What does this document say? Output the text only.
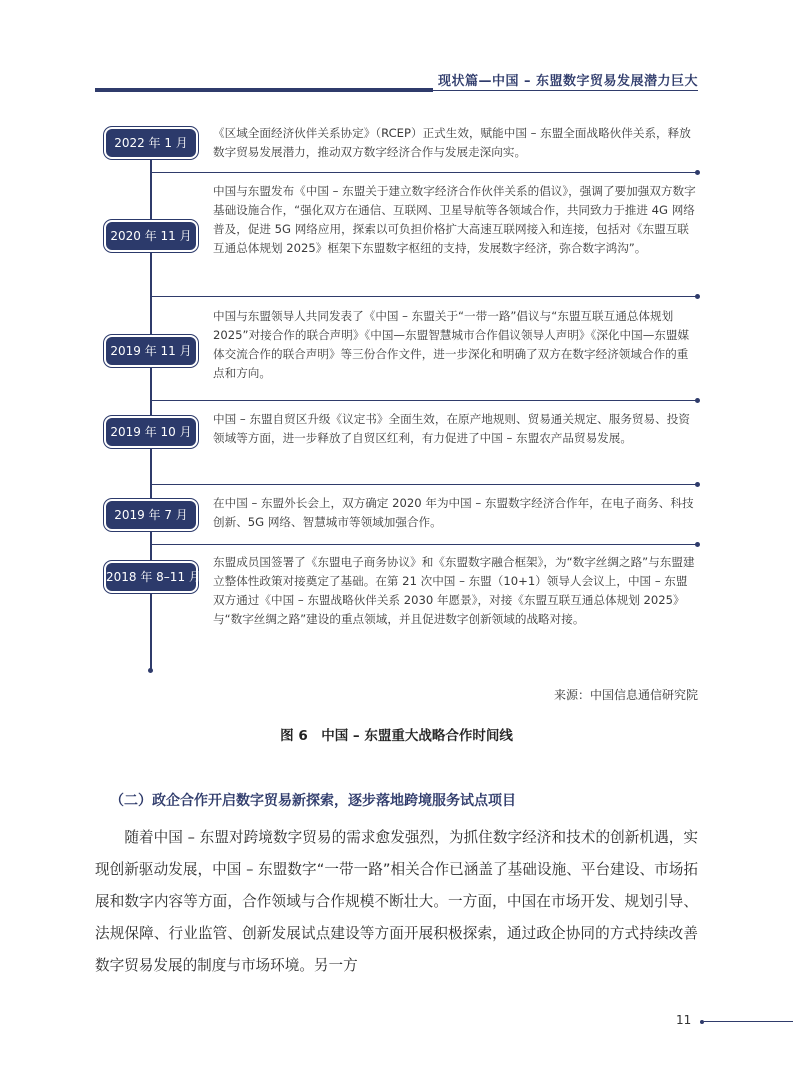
现状篇—中国 – 东盟数字贸易发展潜力巨大
2022 年 1 月
《区域全面经济伙伴关系协定》（RCEP）正式生效，赋能中国 – 东盟全面战略伙伴关系，释放数字贸易发展潜力，推动双方数字经济合作与发展走深向实。
2020 年 11 月
中国与东盟发布《中国 – 东盟关于建立数字经济合作伙伴关系的倡议》，强调了要加强双方数字基础设施合作，“强化双方在通信、互联网、卫星导航等各领域合作，共同致力于推进 4G 网络普及，促进 5G 网络应用，探索以可负担价格扩大高速互联网接入和连接，包括对《东盟互联互通总体规划 2025》框架下东盟数字枢纽的支持，发展数字经济，弥合数字鸿沟”。
2019 年 11 月
中国与东盟领导人共同发表了《中国 – 东盟关于“一带一路”倡议与“东盟互联互通总体规划 2025”对接合作的联合声明》《中国—东盟智慧城市合作倡议领导人声明》《深化中国—东盟媒体交流合作的联合声明》等三份合作文件，进一步深化和明确了双方在数字经济领域合作的重点和方向。
2019 年 10 月
中国 – 东盟自贸区升级《议定书》全面生效，在原产地规则、贸易通关规定、服务贸易、投资领域等方面，进一步释放了自贸区红利，有力促进了中国 – 东盟农产品贸易发展。
2019 年 7 月
在中国 – 东盟外长会上，双方确定 2020 年为中国 – 东盟数字经济合作年，在电子商务、科技创新、5G 网络、智慧城市等领域加强合作。
2018 年 8–11 月
东盟成员国签署了《东盟电子商务协议》和《东盟数字融合框架》，为“数字丝绸之路”与东盟建立整体性政策对接奠定了基础。在第 21 次中国 – 东盟（10+1）领导人会议上，中国 – 东盟双方通过《中国 – 东盟战略伙伴关系 2030 年愿景》，对接《东盟互联互通总体规划 2025》与“数字丝绸之路”建设的重点领域，并且促进数字创新领域的战略对接。
来源：中国信息通信研究院
图 6　中国 – 东盟重大战略合作时间线
（二）政企合作开启数字贸易新探索，逐步落地跨境服务试点项目

　　随着中国 – 东盟对跨境数字贸易的需求愈发强烈，为抓住数字经济和技术的创新机遇，实现创新驱动发展，中国 – 东盟数字“一带一路”相关合作已涵盖了基础设施、平台建设、市场拓展和数字内容等方面，合作领域与合作规模不断壮大。一方面，中国在市场开发、规划引导、法规保障、行业监管、创新发展试点建设等方面开展积极探索，通过政企协同的方式持续改善数字贸易发展的制度与市场环境。另一方

11
